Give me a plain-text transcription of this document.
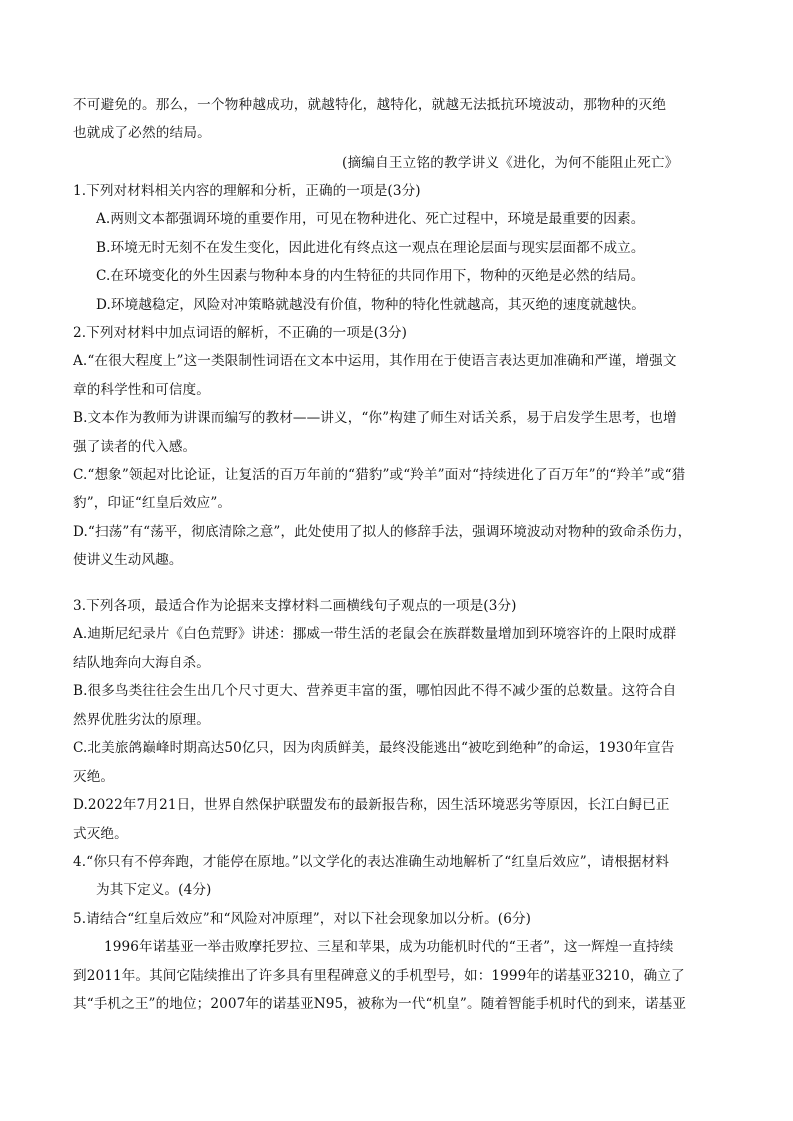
不可避免的。那么，一个物种越成功，就越特化，越特化，就越无法抵抗环境波动，那物种的灭绝
也就成了必然的结局。
(摘编自王立铭的教学讲义《进化，为何不能阻止死亡》
1.下列对材料相关内容的理解和分析，正确的一项是(3分)
A.两则文本都强调环境的重要作用，可见在物种进化、死亡过程中，环境是最重要的因素。
B.环境无时无刻不在发生变化，因此进化有终点这一观点在理论层面与现实层面都不成立。
C.在环境变化的外生因素与物种本身的内生特征的共同作用下，物种的灭绝是必然的结局。
D.环境越稳定，风险对冲策略就越没有价值，物种的特化性就越高，其灭绝的速度就越快。
2.下列对材料中加点词语的解析，不正确的一项是(3分)
A.“在很大程度上”这一类限制性词语在文本中运用，其作用在于使语言表达更加准确和严谨，增强文
章的科学性和可信度。
B.文本作为教师为讲课而编写的教材——讲义，“你”构建了师生对话关系，易于启发学生思考，也增
强了读者的代入感。
C.“想象”领起对比论证，让复活的百万年前的“猎豹”或“羚羊”面对“持续进化了百万年”的“羚羊”或“猎
豹”，印证“红皇后效应”。
D.“扫荡”有“荡平，彻底清除之意”，此处使用了拟人的修辞手法，强调环境波动对物种的致命杀伤力，
使讲义生动风趣。
3.下列各项，最适合作为论据来支撑材料二画横线句子观点的一项是(3分)
A.迪斯尼纪录片《白色荒野》讲述：挪威一带生活的老鼠会在族群数量增加到环境容许的上限时成群
结队地奔向大海自杀。
B.很多鸟类往往会生出几个尺寸更大、营养更丰富的蛋，哪怕因此不得不减少蛋的总数量。这符合自
然界优胜劣汰的原理。
C.北美旅鸽巅峰时期高达50亿只，因为肉质鲜美，最终没能逃出“被吃到绝种”的命运，1930年宣告
灭绝。
D.2022年7月21日，世界自然保护联盟发布的最新报告称，因生活环境恶劣等原因，长江白鲟已正
式灭绝。
4.“你只有不停奔跑，才能停在原地。”以文学化的表达准确生动地解析了“红皇后效应”，请根据材料
为其下定义。(4分)
5.请结合“红皇后效应”和“风险对冲原理”，对以下社会现象加以分析。(6分)
1996年诺基亚一举击败摩托罗拉、三星和苹果，成为功能机时代的“王者”，这一辉煌一直持续
到2011年。其间它陆续推出了许多具有里程碑意义的手机型号，如：1999年的诺基亚3210，确立了
其“手机之王”的地位；2007年的诺基亚N95，被称为一代“机皇”。随着智能手机时代的到来，诺基亚
